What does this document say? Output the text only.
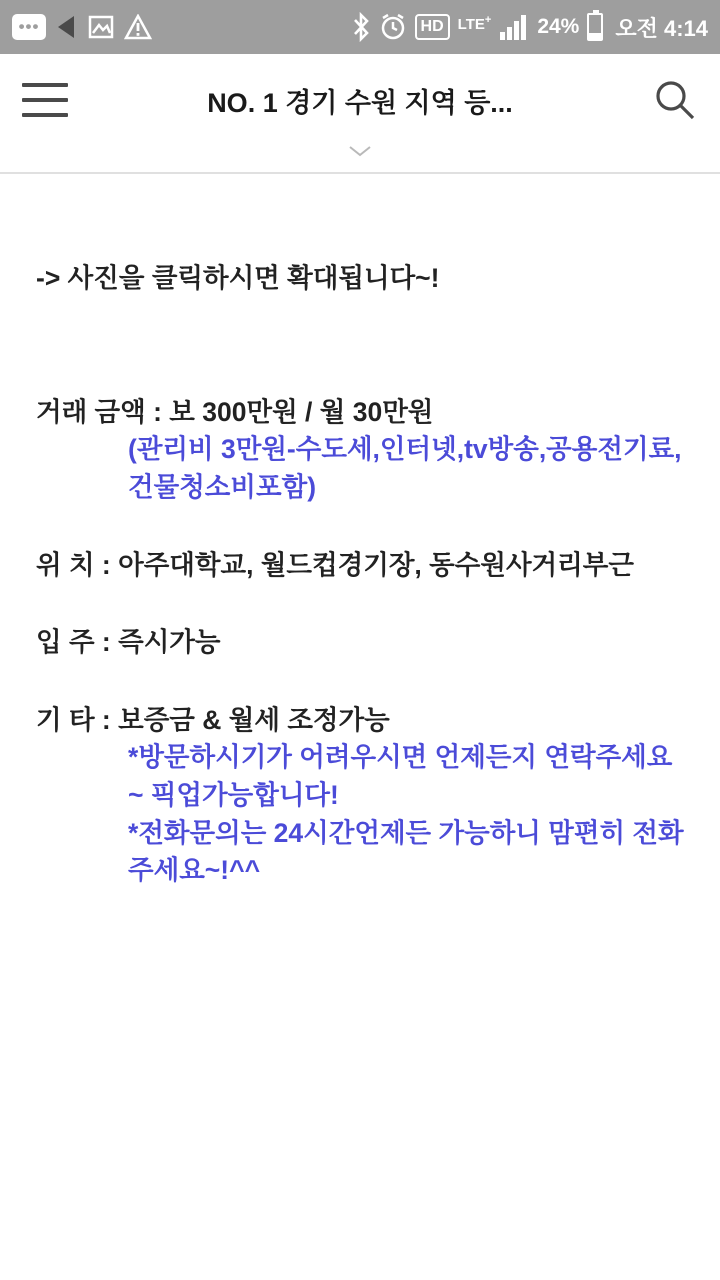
•••	HD LTE+ 24% 오전 4:14
NO. 1 경기 수원 지역 등...

-> 사진을 클릭하시면 확대됩니다~!

거래 금액 : 보 300만원 / 월 30만원

(관리비 3만원-수도세,인터넷,tv방송,공용전기료,건물청소비포함)

위 치 : 아주대학교, 월드컵경기장, 동수원사거리부근

입 주 : 즉시가능

기 타 : 보증금 & 월세 조정가능

*방문하시기가 어려우시면 언제든지 연락주세요~ 픽업가능합니다!

*전화문의는 24시간언제든 가능하니 맘편히 전화주세요~!^^
